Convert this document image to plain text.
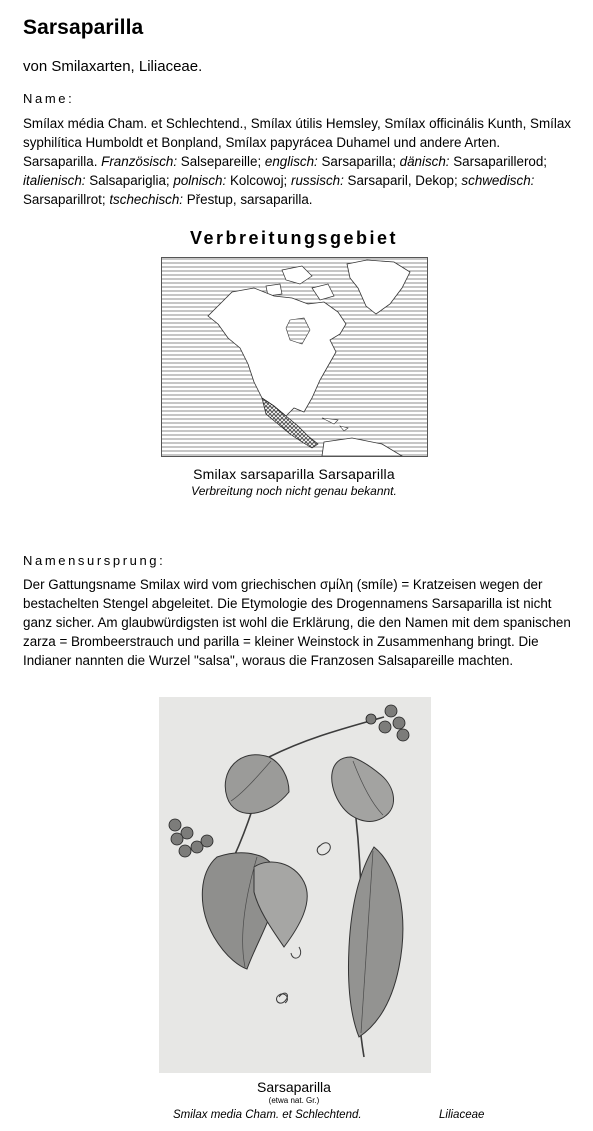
Sarsaparilla
von Smilaxarten, Liliaceae.
Name:
Smílax média Cham. et Schlechtend., Smílax útilis Hemsley, Smílax officinális Kunth, Smílax syphilítica Humboldt et Bonpland, Smílax papyrácea Duhamel und andere Arten. Sarsaparilla. Französisch: Salsepareille; englisch: Sarsaparilla; dänisch: Sarsaparillerod; italienisch: Salsapariglia; polnisch: Kolcowoj; russisch: Sarsaparil, Dekop; schwedisch: Sarsaparillrot; tschechisch: Přestup, sarsaparilla.
Verbreitungsgebiet
Smilax sarsaparilla Sarsaparilla
Verbreitung noch nicht genau bekannt.
Namensursprung:
Der Gattungsname Smilax wird vom griechischen σμίλη (smíle) = Kratzeisen wegen der bestachelten Stengel abgeleitet. Die Etymologie des Drogennamens Sarsaparilla ist nicht ganz sicher. Am glaubwürdigsten ist wohl die Erklärung, die den Namen mit dem spanischen zarza = Brombeerstrauch und parilla = kleiner Weinstock in Zusammenhang bringt. Die Indianer nannten die Wurzel "salsa", woraus die Franzosen Salsapareille machten.
Sarsaparilla
(etwa nat. Gr.)
Smilax media Cham. et Schlechtend.	Liliaceae
